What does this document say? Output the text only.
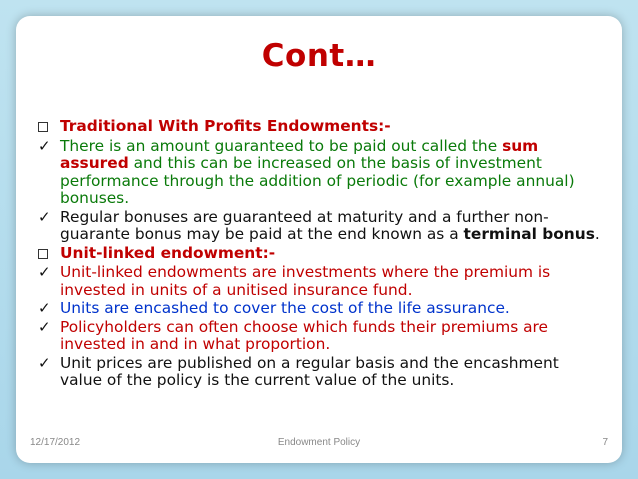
Cont…
Traditional With Profits Endowments:-
✓ There is an amount guaranteed to be paid out called the sum assured and this can be increased on the basis of investment performance through the addition of periodic (for example annual) bonuses.
✓ Regular bonuses are guaranteed at maturity and a further non-guarante bonus may be paid at the end known as a terminal bonus.
Unit-linked endowment:-
✓ Unit-linked endowments are investments where the premium is invested in units of a unitised insurance fund.
✓ Units are encashed to cover the cost of the life assurance.
✓ Policyholders can often choose which funds their premiums are invested in and in what proportion.
✓ Unit prices are published on a regular basis and the encashment value of the policy is the current value of the units.
12/17/2012	Endowment Policy	7
